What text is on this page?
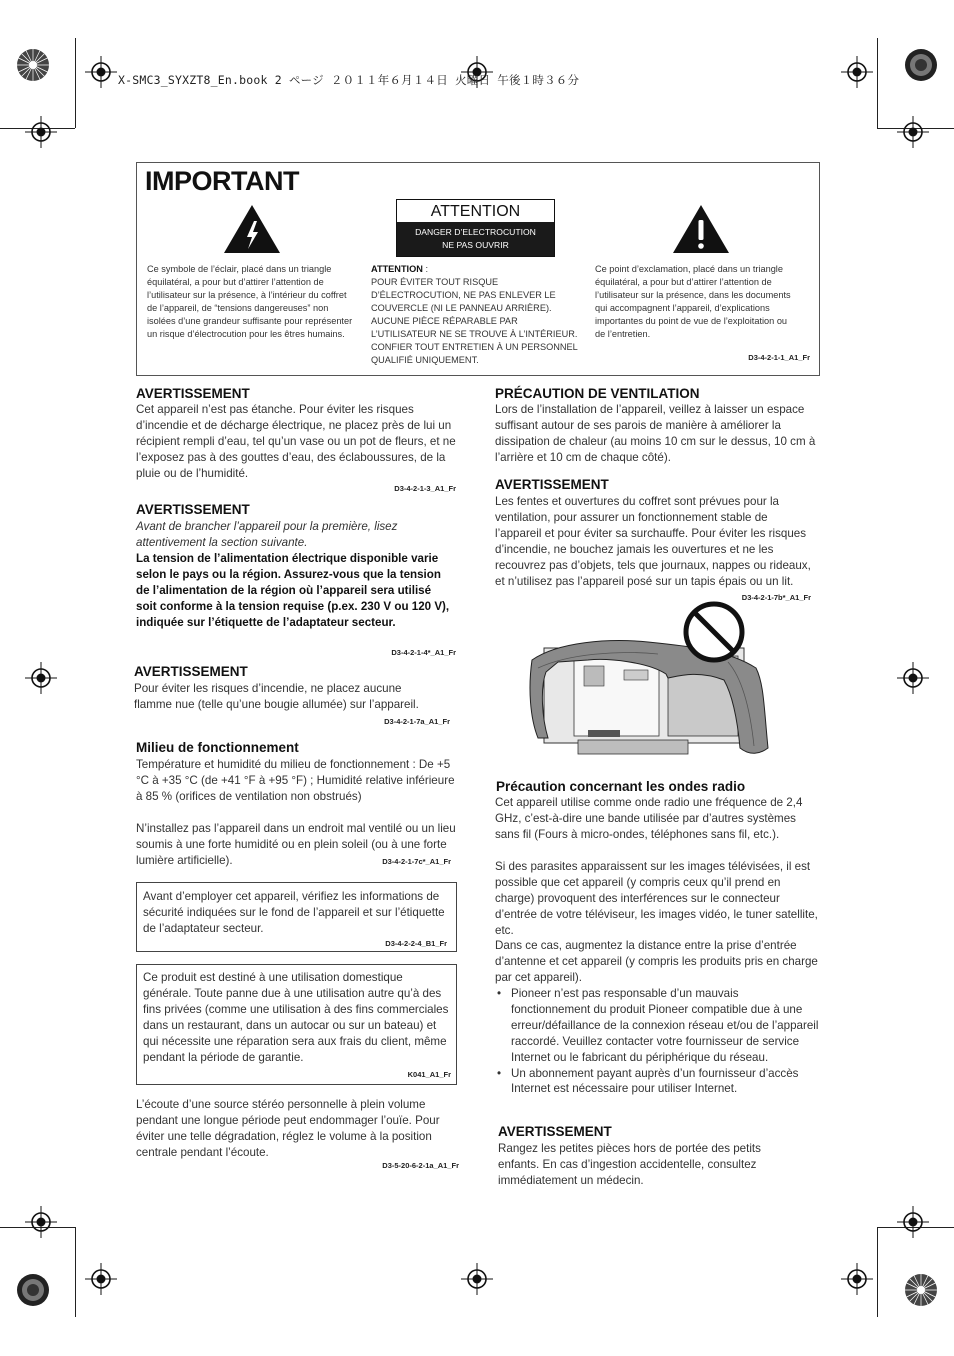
X-SMC3_SYXZT8_En.book 2 ページ ２０１１年６月１４日 火曜日 午後１時３６分
IMPORTANT
ATTENTION
DANGER D’ELECTROCUTION
NE PAS OUVRIR
Ce symbole de l’éclair, placé dans un triangle équilatéral, a pour but d’attirer l’attention de l’utilisateur sur la présence, à l’intérieur du coffret de l’appareil, de “tensions dangereuses” non isolées d’une grandeur suffisante pour représenter un risque d’électrocution pour les êtres humains.
ATTENTION :
POUR ÉVITER TOUT RISQUE D’ÉLECTROCUTION, NE PAS ENLEVER LE COUVERCLE (NI LE PANNEAU ARRIÈRE). AUCUNE PIÈCE RÉPARABLE PAR L’UTILISATEUR NE SE TROUVE À L’INTÉRIEUR. CONFIER TOUT ENTRETIEN À UN PERSONNEL QUALIFIÉ UNIQUEMENT.
Ce point d’exclamation, placé dans un triangle équilatéral, a pour but d’attirer l’attention de l’utilisateur sur la présence, dans les documents qui accompagnent l’appareil, d’explications importantes du point de vue de l’exploitation ou de l’entretien.
D3-4-2-1-1_A1_Fr
AVERTISSEMENT

Cet appareil n’est pas étanche. Pour éviter les risques d’incendie et de décharge électrique, ne placez près de lui un récipient rempli d’eau, tel qu’un vase ou un pot de fleurs, et ne l’exposez pas à des gouttes d’eau, des éclaboussures, de la pluie ou de l’humidité.

D3-4-2-1-3_A1_Fr
AVERTISSEMENT

Avant de brancher l’appareil pour la première, lisez attentivement la section suivante.

La tension de l’alimentation électrique disponible varie selon le pays ou la région. Assurez-vous que la tension de l’alimentation de la région où l’appareil sera utilisé soit conforme à la tension requise (p.ex. 230 V ou 120 V), indiquée sur l’étiquette de l’adaptateur secteur.

D3-4-2-1-4*_A1_Fr
AVERTISSEMENT

Pour éviter les risques d’incendie, ne placez aucune flamme nue (telle qu’une bougie allumée) sur l’appareil.

D3-4-2-1-7a_A1_Fr
Milieu de fonctionnement

Température et humidité du milieu de fonctionnement : De +5 °C à +35 °C (de +41 °F à +95 °F) ; Humidité relative inférieure à 85 % (orifices de ventilation non obstrués)

N’installez pas l’appareil dans un endroit mal ventilé ou un lieu soumis à une forte humidité ou en plein soleil (ou à une forte lumière artificielle).	D3-4-2-1-7c*_A1_Fr

Avant d’employer cet appareil, vérifiez les informations de sécurité indiquées sur le fond de l’appareil et sur l’étiquette de l’adaptateur secteur.

D3-4-2-2-4_B1_Fr

Ce produit est destiné à une utilisation domestique générale. Toute panne due à une utilisation autre qu’à des fins privées (comme une utilisation à des fins commerciales dans un restaurant, dans un autocar ou sur un bateau) et qui nécessite une réparation sera aux frais du client, même pendant la période de garantie.

K041_A1_Fr

L’écoute d’une source stéréo personnelle à plein volume pendant une longue période peut endommager l’ouïe. Pour éviter une telle dégradation, réglez le volume à la position centrale pendant l’écoute.

D3-5-20-6-2-1a_A1_Fr
PRÉCAUTION DE VENTILATION

Lors de l’installation de l’appareil, veillez à laisser un espace suffisant autour de ses parois de manière à améliorer la dissipation de chaleur (au moins 10 cm sur le dessus, 10 cm à l’arrière et 10 cm de chaque côté).

AVERTISSEMENT

Les fentes et ouvertures du coffret sont prévues pour la ventilation, pour assurer un fonctionnement stable de l’appareil et pour éviter sa surchauffe. Pour éviter les risques d’incendie, ne bouchez jamais les ouvertures et ne les recouvrez pas d’objets, tels que journaux, nappes ou rideaux, et n’utilisez pas l’appareil posé sur un tapis épais ou un lit.

D3-4-2-1-7b*_A1_Fr
Précaution concernant les ondes radio

Cet appareil utilise comme onde radio une fréquence de 2,4 GHz, c’est-à-dire une bande utilisée par d’autres systèmes sans fil (Fours à micro-ondes, téléphones sans fil, etc.).

Si des parasites apparaissent sur les images télévisées, il est possible que cet appareil (y compris ceux qu’il prend en charge) provoquent des interférences sur le connecteur d’entrée de votre téléviseur, les images vidéo, le tuner satellite, etc.

Dans ce cas, augmentez la distance entre la prise d’entrée d’antenne et cet appareil (y compris les produits pris en charge par cet appareil).

• Pioneer n’est pas responsable d’un mauvais fonctionnement du produit Pioneer compatible due à une erreur/défaillance de la connexion réseau et/ou de l’appareil raccordé. Veuillez contacter votre fournisseur de service Internet ou le fabricant du périphérique du réseau.
• Un abonnement payant auprès d’un fournisseur d’accès Internet est nécessaire pour utiliser Internet.
AVERTISSEMENT

Rangez les petites pièces hors de portée des petits enfants. En cas d’ingestion accidentelle, consultez immédiatement un médecin.
